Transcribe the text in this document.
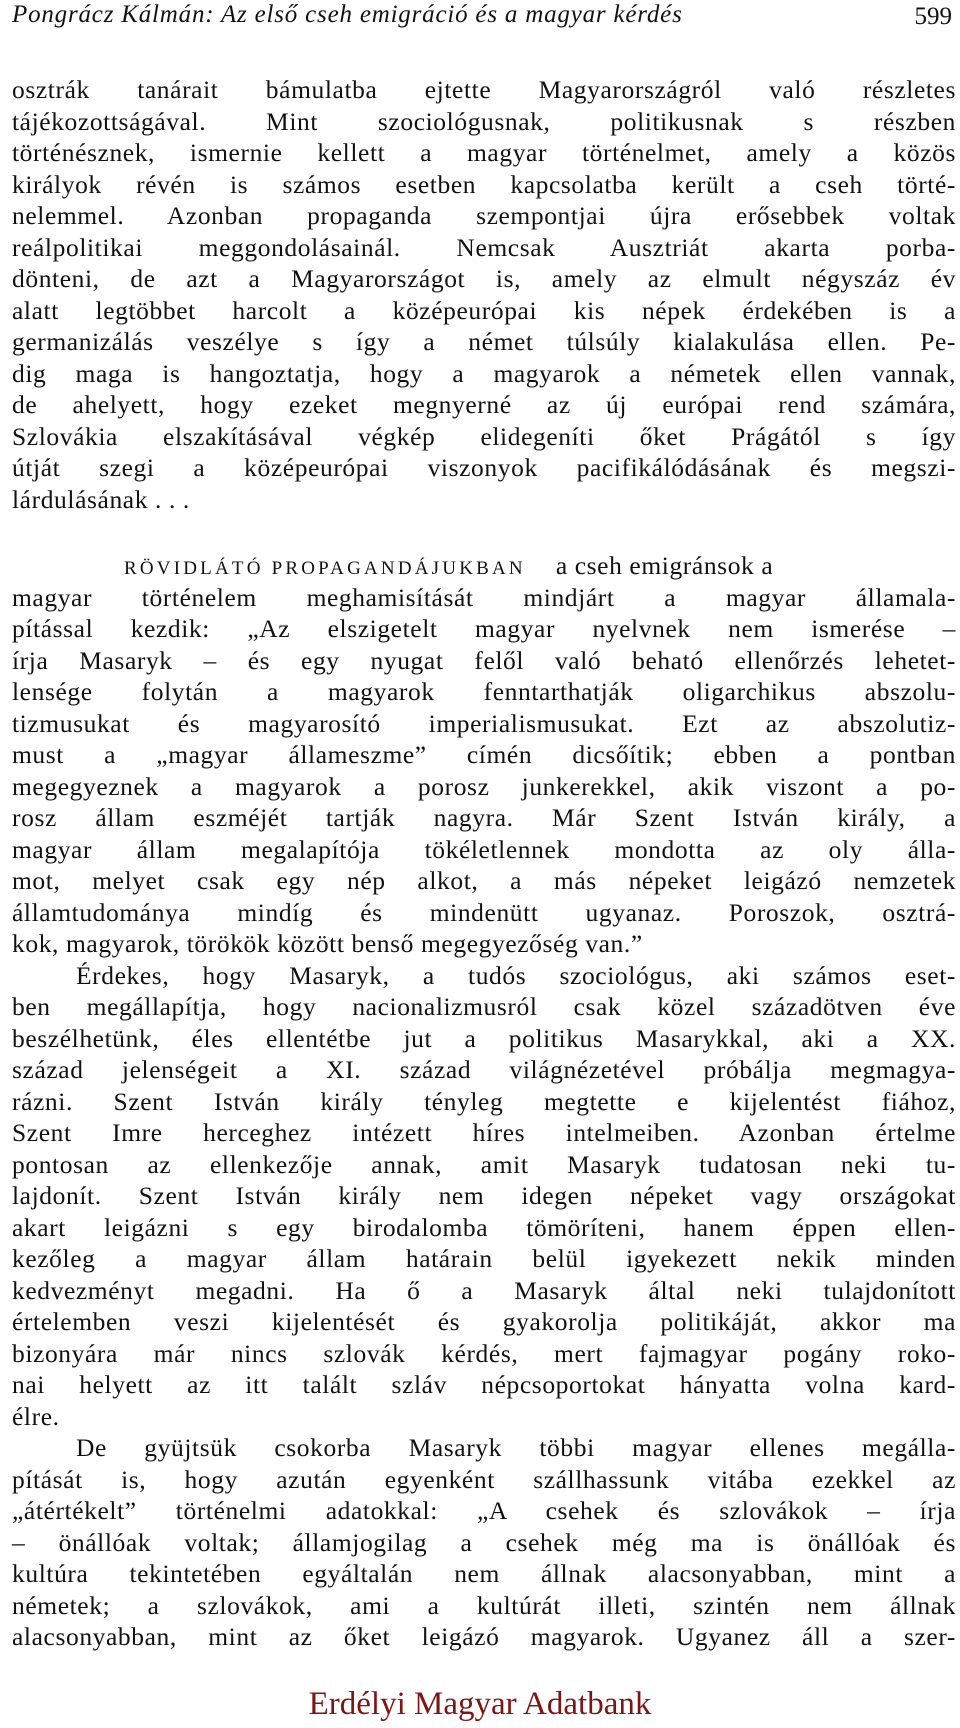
Pongrácz Kálmán: Az első cseh emigráció és a magyar kérdés	599
osztrák tanárait bámulatba ejtette Magyarországról való részletes
tájékozottságával. Mint szociológusnak, politikusnak s részben
történésznek, ismernie kellett a magyar történelmet, amely a közös
királyok révén is számos esetben kapcsolatba került a cseh törté-
nelemmel. Azonban propaganda szempontjai újra erősebbek voltak
reálpolitikai meggondolásainál. Nemcsak Ausztriát akarta porba-
dönteni, de azt a Magyarországot is, amely az elmult négyszáz év
alatt legtöbbet harcolt a középeurópai kis népek érdekében is a
germanizálás veszélye s így a német túlsúly kialakulása ellen. Pe-
dig maga is hangoztatja, hogy a magyarok a németek ellen vannak,
de ahelyett, hogy ezeket megnyerné az új európai rend számára,
Szlovákia elszakításával végkép elidegeníti őket Prágától s így
útját szegi a középeurópai viszonyok pacifikálódásának és megszi-
lárdulásának . . .
RÖVIDLÁTÓ PROPAGANDÁJUKBAN a cseh emigránsok a
magyar történelem meghamisítását mindjárt a magyar államala-
pítással kezdik: „Az elszigetelt magyar nyelvnek nem ismerése –
írja Masaryk – és egy nyugat felől való beható ellenőrzés lehetet-
lensége folytán a magyarok fenntarthatják oligarchikus abszolu-
tizmusukat és magyarosító imperialismusukat. Ezt az abszolutiz-
must a „magyar állameszme” címén dicsőítik; ebben a pontban
megegyeznek a magyarok a porosz junkerekkel, akik viszont a po-
rosz állam eszméjét tartják nagyra. Már Szent István király, a
magyar állam megalapítója tökéletlennek mondotta az oly álla-
mot, melyet csak egy nép alkot, a más népeket leigázó nemzetek
államtudománya mindíg és mindenütt ugyanaz. Poroszok, osztrá-
kok, magyarok, törökök között benső megegyezőség van.”
Érdekes, hogy Masaryk, a tudós szociológus, aki számos eset-
ben megállapítja, hogy nacionalizmusról csak közel századötven éve
beszélhetünk, éles ellentétbe jut a politikus Masarykkal, aki a XX.
század jelenségeit a XI. század világnézetével próbálja megmagya-
rázni. Szent István király tényleg megtette e kijelentést fiához,
Szent Imre herceghez intézett híres intelmeiben. Azonban értelme
pontosan az ellenkezője annak, amit Masaryk tudatosan neki tu-
lajdonít. Szent István király nem idegen népeket vagy országokat
akart leigázni s egy birodalomba tömöríteni, hanem éppen ellen-
kezőleg a magyar állam határain belül igyekezett nekik minden
kedvezményt megadni. Ha ő a Masaryk által neki tulajdonított
értelemben veszi kijelentését és gyakorolja politikáját, akkor ma
bizonyára már nincs szlovák kérdés, mert fajmagyar pogány roko-
nai helyett az itt talált szláv népcsoportokat hányatta volna kard-
élre.
De gyüjtsük csokorba Masaryk többi magyar ellenes megálla-
pítását is, hogy azután egyenként szállhassunk vitába ezekkel az
„átértékelt” történelmi adatokkal: „A csehek és szlovákok – írja
– önállóak voltak; államjogilag a csehek még ma is önállóak és
kultúra tekintetében egyáltalán nem állnak alacsonyabban, mint a
németek; a szlovákok, ami a kultúrát illeti, szintén nem állnak
alacsonyabban, mint az őket leigázó magyarok. Ugyanez áll a szer-
Erdélyi Magyar Adatbank
